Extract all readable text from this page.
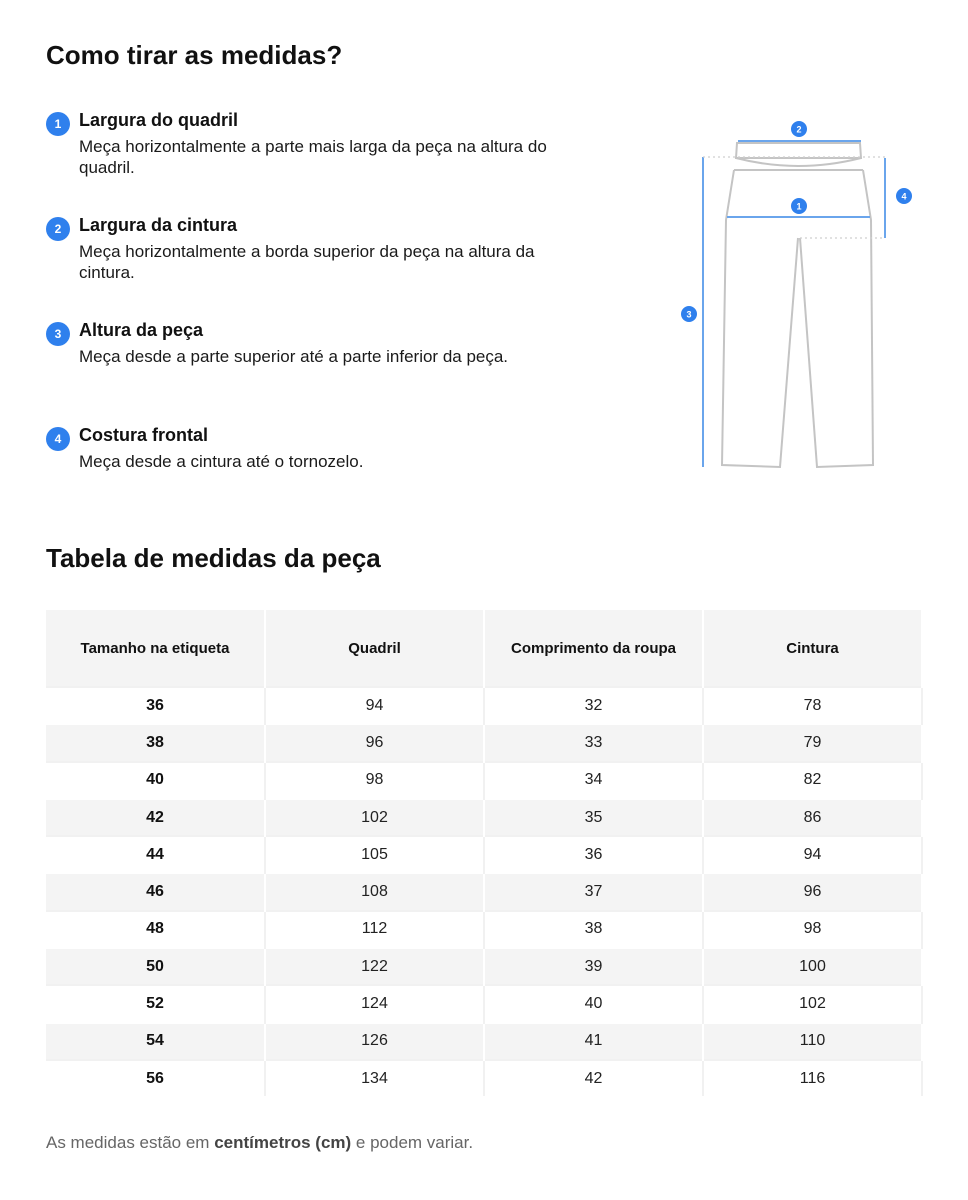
Como tirar as medidas?
1 Largura do quadril
Meça horizontalmente a parte mais larga da peça na altura do quadril.
2 Largura da cintura
Meça horizontalmente a borda superior da peça na altura da cintura.
3 Altura da peça
Meça desde a parte superior até a parte inferior da peça.
4 Costura frontal
Meça desde a cintura até o tornozelo.
1
2
3
4
Tabela de medidas da peça
Tamanho na etiqueta	Quadril	Comprimento da roupa	Cintura
36	94	32	78
38	96	33	79
40	98	34	82
42	102	35	86
44	105	36	94
46	108	37	96
48	112	38	98
50	122	39	100
52	124	40	102
54	126	41	110
56	134	42	116
As medidas estão em centímetros (cm) e podem variar.
